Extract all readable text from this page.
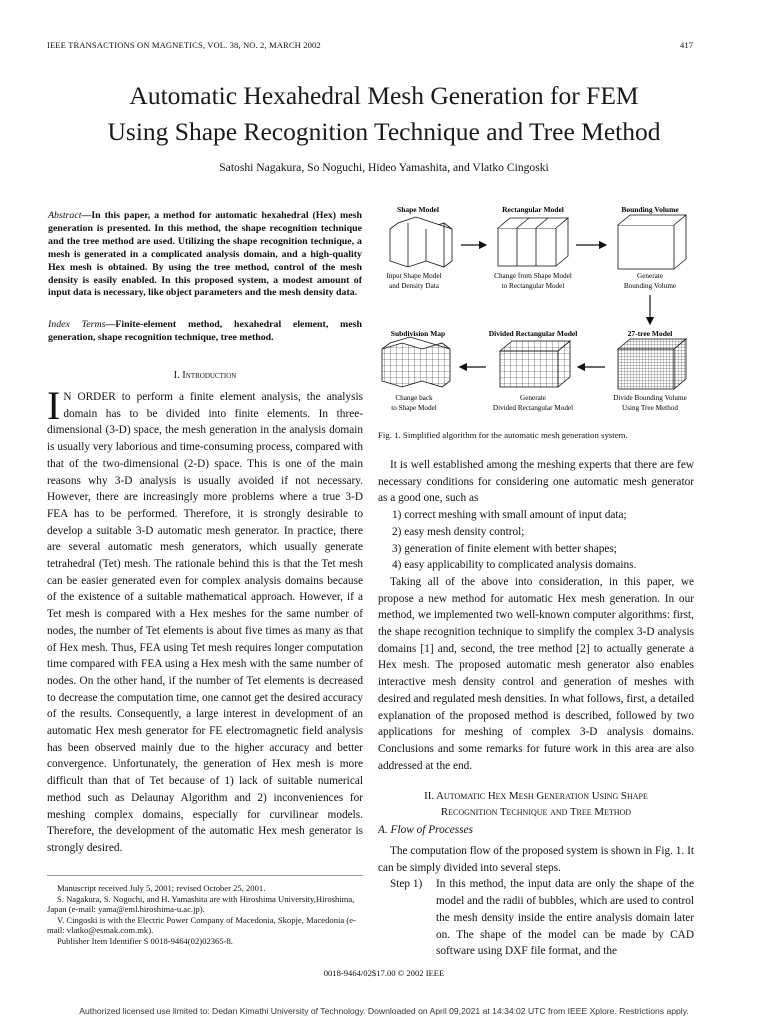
IEEE TRANSACTIONS ON MAGNETICS, VOL. 38, NO. 2, MARCH 2002	417
Automatic Hexahedral Mesh Generation for FEM
Using Shape Recognition Technique and Tree Method
Satoshi Nagakura, So Noguchi, Hideo Yamashita, and Vlatko Cingoski
Abstract—In this paper, a method for automatic hexahedral (Hex) mesh generation is presented. In this method, the shape recognition technique and the tree method are used. Utilizing the shape recognition technique, a mesh is generated in a complicated analysis domain, and a high-quality Hex mesh is obtained. By using the tree method, control of the mesh density is easily enabled. In this proposed system, a modest amount of input data is necessary, like object parameters and the mesh density data.
Index Terms—Finite-element method, hexahedral element, mesh generation, shape recognition technique, tree method.
I. Introduction
I N ORDER to perform a finite element analysis, the analysis domain has to be divided into finite elements. In three-dimensional (3-D) space, the mesh generation in the analysis domain is usually very laborious and time-consuming process, compared with that of the two-dimensional (2-D) space. This is one of the main reasons why 3-D analysis is usually avoided if not necessary. However, there are increasingly more problems where a true 3-D FEA has to be performed. Therefore, it is strongly desirable to develop a suitable 3-D automatic mesh generator. In practice, there are several automatic mesh generators, which usually generate tetrahedral (Tet) mesh. The rationale behind this is that the Tet mesh can be easier generated even for complex analysis domains because of the existence of a suitable mathematical approach. However, if a Tet mesh is compared with a Hex meshes for the same number of nodes, the number of Tet elements is about five times as many as that of Hex mesh. Thus, FEA using Tet mesh requires longer computation time compared with FEA using a Hex mesh with the same number of nodes. On the other hand, if the number of Tet elements is decreased to decrease the computation time, one cannot get the desired accuracy of the results. Consequently, a large interest in development of an automatic Hex mesh generator for FE electromagnetic field analysis has been observed mainly due to the higher accuracy and better convergence. Unfortunately, the generation of Hex mesh is more difficult than that of Tet because of 1) lack of suitable numerical method such as Delaunay Algorithm and 2) inconveniences for meshing complex domains, especially for curvilinear models. Therefore, the development of the automatic Hex mesh generator is strongly desired.
Manuscript received July 5, 2001; revised October 25, 2001.
S. Nagakura, S. Noguchi, and H. Yamashita are with Hiroshima University,Hiroshima, Japan (e-mail: yama@eml.hiroshima-u.ac.jp).
V. Cingoski is with the Electric Power Company of Macedonia, Skopje, Macedonia (e-mail: vlatko@esmak.com.mk).
Publisher Item Identifier S 0018-9464(02)02365-8.
Shape Model	Rectangular Model	Bounding Volume
Input Shape Model and Density Data
Change from Shape Model to Rectangular Model
Generate Bounding Volume
Subdivision Map	Divided Rectangular Model	27-tree Model
Change back to Shape Model
Generate Divided Rectangular Model
Divide Bounding Volume Using Tree Method
Fig. 1. Simplified algorithm for the automatic mesh generation system.
It is well established among the meshing experts that there are few necessary conditions for considering one automatic mesh generator as a good one, such as
1) correct meshing with small amount of input data;
2) easy mesh density control;
3) generation of finite element with better shapes;
4) easy applicability to complicated analysis domains.
Taking all of the above into consideration, in this paper, we propose a new method for automatic Hex mesh generation. In our method, we implemented two well-known computer algorithms: first, the shape recognition technique to simplify the complex 3-D analysis domains [1] and, second, the tree method [2] to actually generate a Hex mesh. The proposed automatic mesh generator also enables interactive mesh density control and generation of meshes with desired and regulated mesh densities. In what follows, first, a detailed explanation of the proposed method is described, followed by two applications for meshing of complex 3-D analysis domains. Conclusions and some remarks for future work in this area are also addressed at the end.
II. Automatic Hex Mesh Generation Using Shape
Recognition Technique and Tree Method
A. Flow of Processes
The computation flow of the proposed system is shown in Fig. 1. It can be simply divided into several steps.
Step 1)	In this method, the input data are only the shape of the model and the radii of bubbles, which are used to control the mesh density inside the entire analysis domain later on. The shape of the model can be made by CAD software using DXF file format, and the
0018-9464/02$17.00 © 2002 IEEE
Authorized licensed use limited to: Dedan Kimathi University of Technology. Downloaded on April 09,2021 at 14:34:02 UTC from IEEE Xplore. Restrictions apply.
